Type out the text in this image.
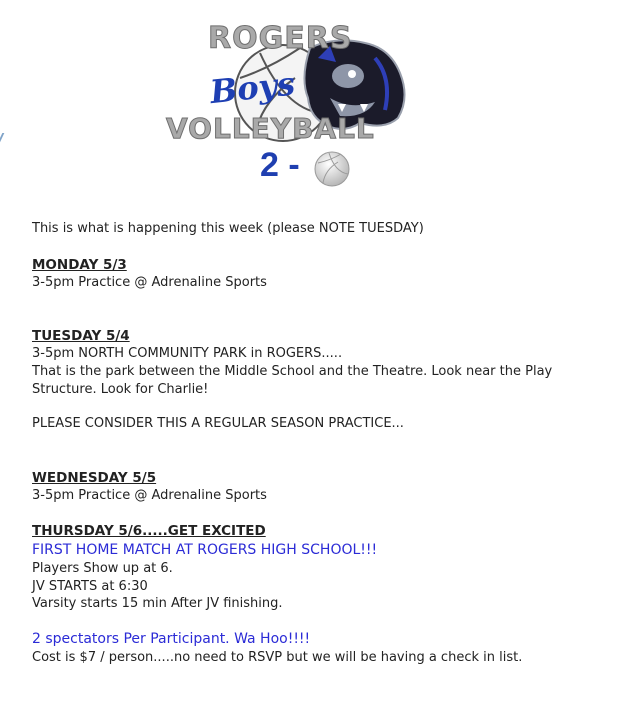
ROGERS
Boys
VOLLEYBALL
2 -
This is what is happening this week (please NOTE TUESDAY)
MONDAY 5/3
3-5pm Practice @ Adrenaline Sports
TUESDAY 5/4
3-5pm NORTH COMMUNITY PARK in ROGERS.....
That is the park between the Middle School and the Theatre. Look near the Play
Structure. Look for Charlie!
PLEASE CONSIDER THIS A REGULAR SEASON PRACTICE...
WEDNESDAY 5/5
3-5pm Practice @ Adrenaline Sports
THURSDAY 5/6.....GET EXCITED
FIRST HOME MATCH AT ROGERS HIGH SCHOOL!!!
Players Show up at 6.
JV STARTS at 6:30
Varsity starts 15 min After JV finishing.
2 spectators Per Participant. Wa Hoo!!!!
Cost is $7 / person.....no need to RSVP but we will be having a check in list.
